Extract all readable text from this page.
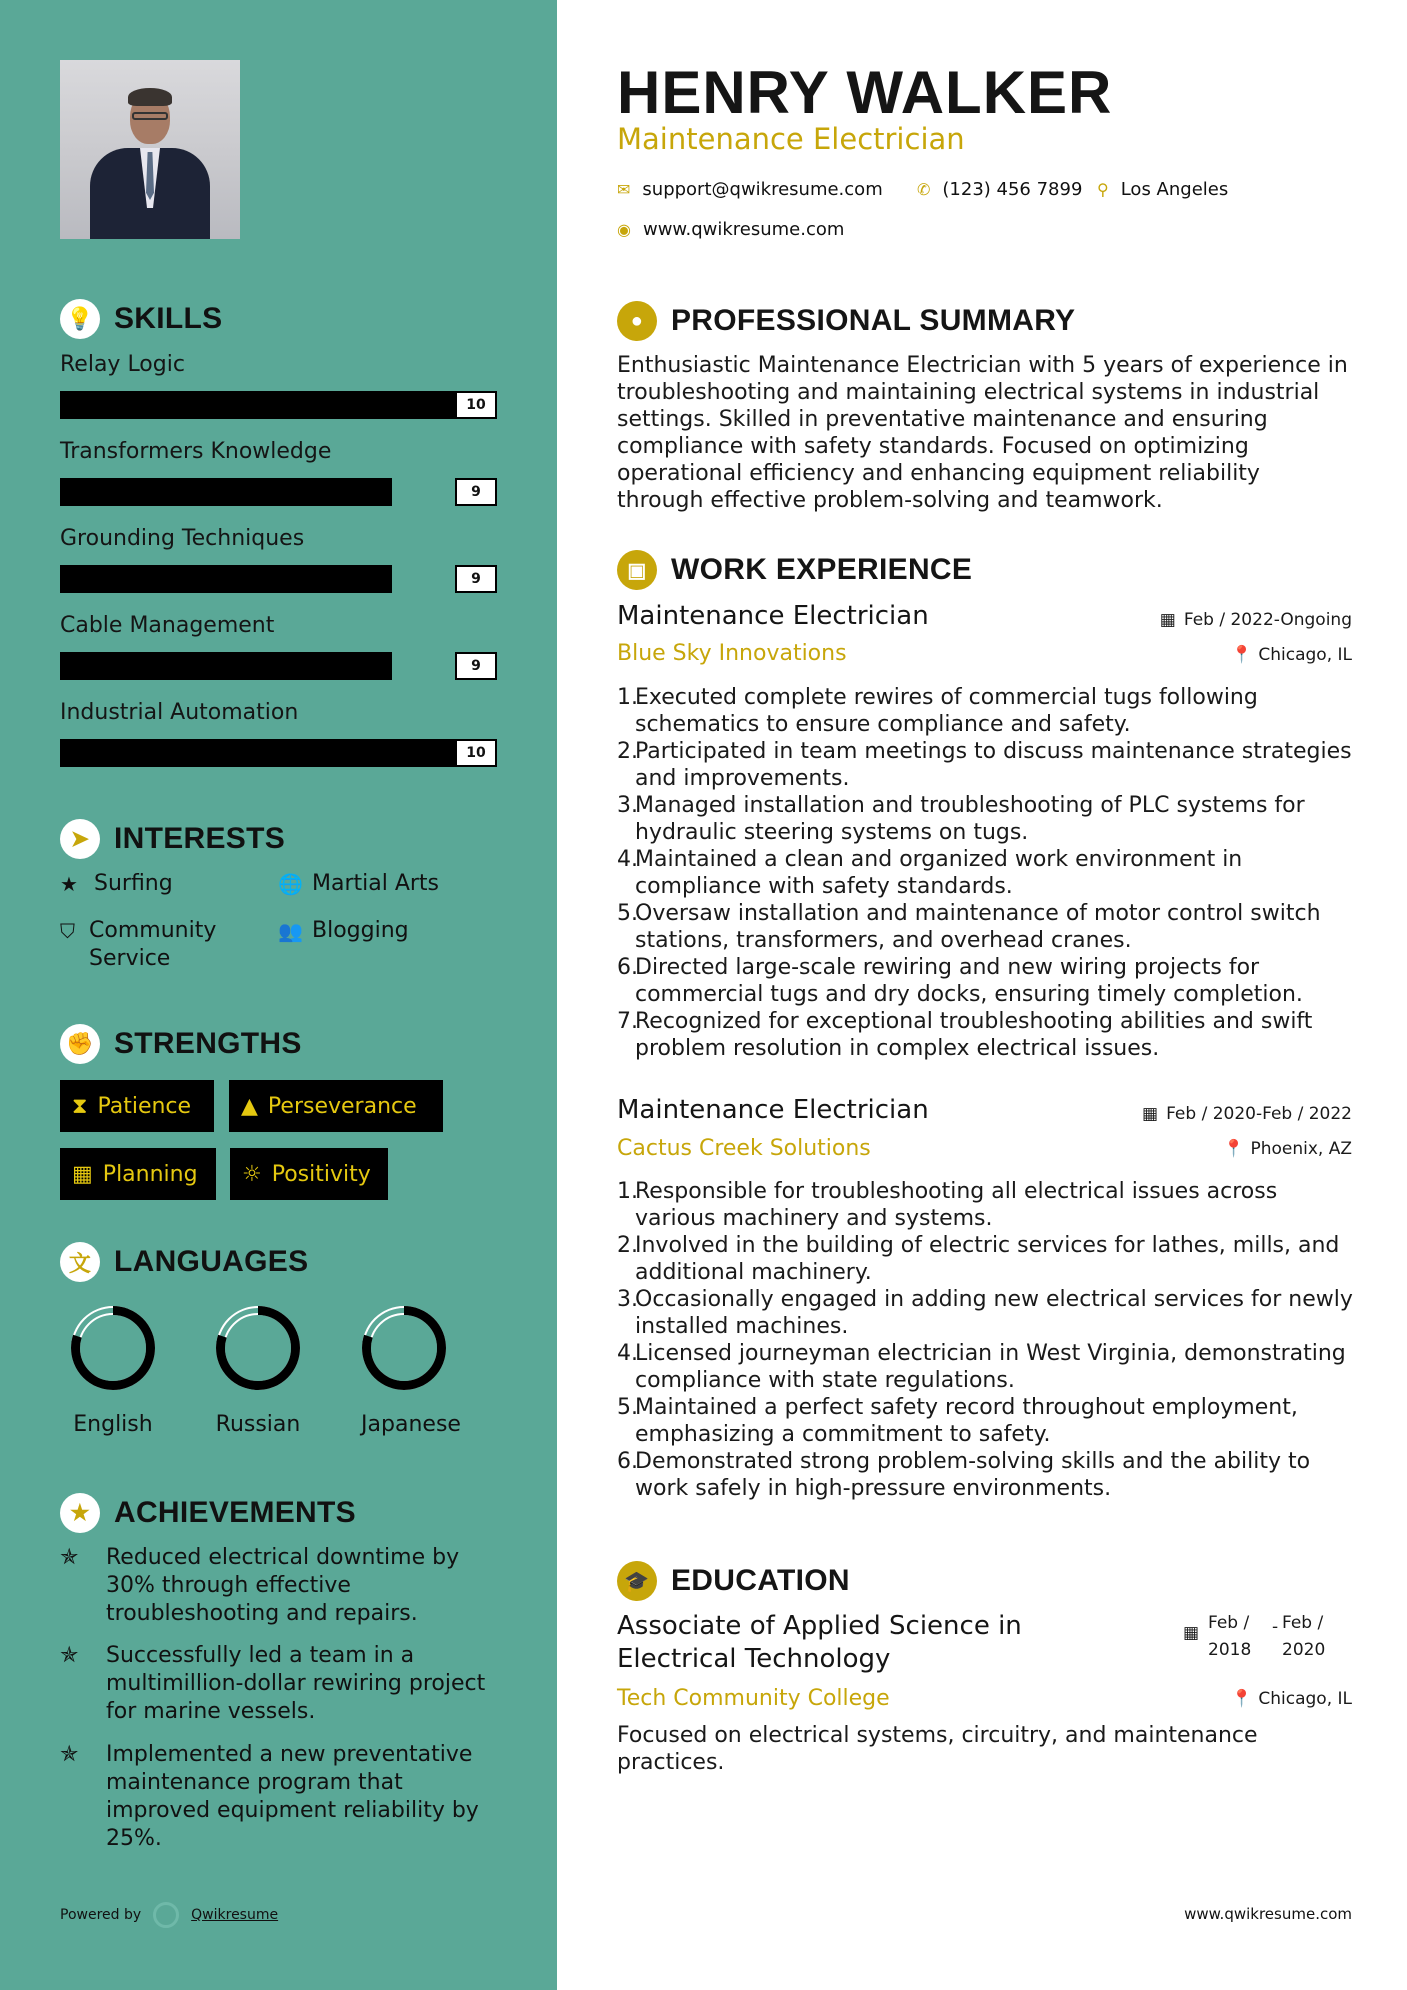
💡 SKILLS
Relay Logic
10
Transformers Knowledge
9
Grounding Techniques
9
Cable Management
9
Industrial Automation
10
➤ INTERESTS
★ Surfing	🌐 Martial Arts
⛉ Community Service
👥 Blogging
✊ STRENGTHS
⧗ Patience ▲ Perseverance
▦ Planning ☼ Positivity
文 LANGUAGES
English	Russian	Japanese
★ ACHIEVEMENTS
✯	Reduced electrical downtime by 30% through effective troubleshooting and repairs.
✯	Successfully led a team in a multimillion-dollar rewiring project for marine vessels.
✯	Implemented a new preventative maintenance program that improved equipment reliability by 25%.
Powered by	Qwikresume
HENRY WALKER
Maintenance Electrician
✉ support@qwikresume.com ✆ (123) 456 7899 ⚲ Los Angeles
◉ www.qwikresume.com
● PROFESSIONAL SUMMARY
Enthusiastic Maintenance Electrician with 5 years of experience in troubleshooting and maintaining electrical systems in industrial settings. Skilled in preventative maintenance and ensuring compliance with safety standards. Focused on optimizing operational efficiency and enhancing equipment reliability through effective problem-solving and teamwork.
▣ WORK EXPERIENCE
Maintenance Electrician	▦ Feb / 2022-Ongoing
Blue Sky Innovations	📍 Chicago, IL
1.
Executed complete rewires of commercial tugs following schematics to ensure compliance and safety.
2.
Participated in team meetings to discuss maintenance strategies and improvements.
3.
Managed installation and troubleshooting of PLC systems for hydraulic steering systems on tugs.
4.
Maintained a clean and organized work environment in compliance with safety standards.
5.
Oversaw installation and maintenance of motor control switch stations, transformers, and overhead cranes.
6.
Directed large-scale rewiring and new wiring projects for commercial tugs and dry docks, ensuring timely completion.
7.
Recognized for exceptional troubleshooting abilities and swift problem resolution in complex electrical issues.
Maintenance Electrician	▦ Feb / 2020-Feb / 2022
Cactus Creek Solutions	📍 Phoenix, AZ
1.
Responsible for troubleshooting all electrical issues across various machinery and systems.
2.
Involved in the building of electric services for lathes, mills, and additional machinery.
3.
Occasionally engaged in adding new electrical services for newly installed machines.
4.
Licensed journeyman electrician in West Virginia, demonstrating compliance with state regulations.
5.
Maintained a perfect safety record throughout employment, emphasizing a commitment to safety.
6.
Demonstrated strong problem-solving skills and the ability to work safely in high-pressure environments.
🎓 EDUCATION
Associate of Applied Science in Electrical Technology
▦ Feb / 2018
- Feb / 2020
Tech Community College	📍 Chicago, IL
Focused on electrical systems, circuitry, and maintenance practices.
www.qwikresume.com
